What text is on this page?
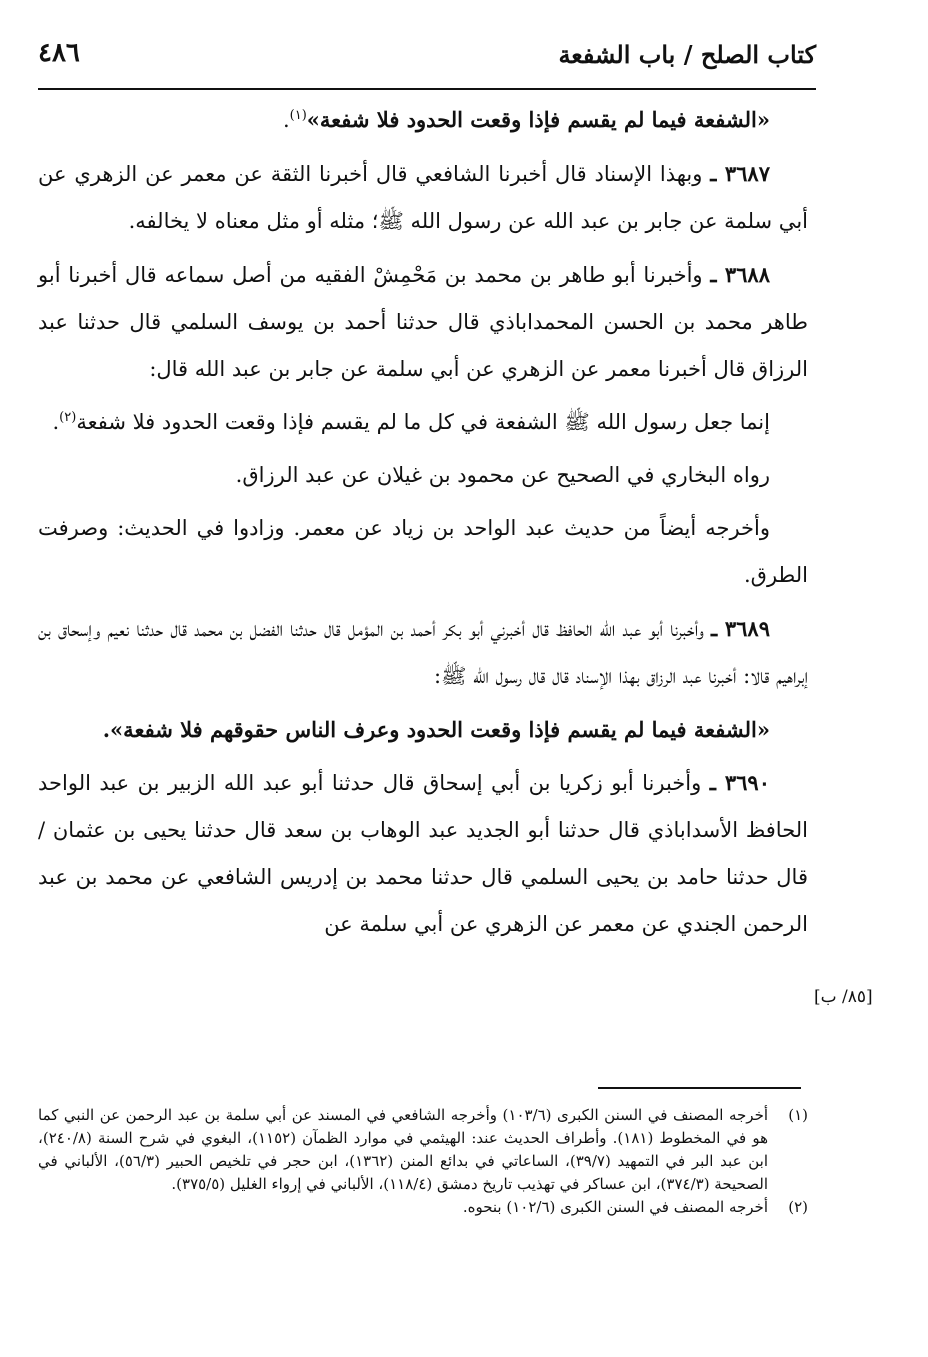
كتاب الصلح / باب الشفعة
٤٨٦

«الشفعة فيما لم يقسم فإذا وقعت الحدود فلا شفعة»$^{(١)}$.

٣٦٨٧ ـ وبهذا الإسناد قال أخبرنا الشافعي قال أخبرنا الثقة عن معمر عن الزهري عن أبي سلمة عن جابر بن عبد الله عن رسول الله ﷺ؛ مثله أو مثل معناه لا يخالفه.

٣٦٨٨ ـ وأخبرنا أبو طاهر بن محمد بن مَحْمِشْ الفقيه من أصل سماعه قال أخبرنا أبو طاهر محمد بن الحسن المحمداباذي قال حدثنا أحمد بن يوسف السلمي قال حدثنا عبد الرزاق قال أخبرنا معمر عن الزهري عن أبي سلمة عن جابر بن عبد الله قال:

إنما جعل رسول الله ﷺ الشفعة في كل ما لم يقسم فإذا وقعت الحدود فلا شفعة$^{(٢)}$.

رواه البخاري في الصحيح عن محمود بن غيلان عن عبد الرزاق.

وأخرجه أيضاً من حديث عبد الواحد بن زياد عن معمر. وزادوا في الحديث: وصرفت الطرق.

٣٦٨٩ ـ وأخبرنا أبو عبد الله الحافظ قال أخبرني أبو بكر أحمد بن المؤمل قال حدثنا الفضل بن محمد قال حدثنا نعيم وإسحاق بن إبراهيم قالا: أخبرنا عبد الرزاق بهذا الإسناد قال قال رسول الله ﷺ:

«الشفعة فيما لم يقسم فإذا وقعت الحدود وعرف الناس حقوقهم فلا شفعة».

٣٦٩٠ ـ وأخبرنا أبو زكريا بن أبي إسحاق قال حدثنا أبو عبد الله الزبير بن عبد الواحد الحافظ الأسداباذي قال حدثنا أبو الجديد عبد الوهاب بن سعد قال حدثنا يحيى بن عثمان /قال حدثنا حامد بن يحيى السلمي قال حدثنا محمد بن إدريس الشافعي عن محمد بن عبد الرحمن الجندي عن معمر عن الزهري عن أبي سلمة عن

[٨٥/ ب]
(١)
أخرجه المصنف في السنن الكبرى (١٠٣/٦) وأخرجه الشافعي في المسند عن أبي سلمة بن عبد الرحمن عن النبي كما هو في المخطوط (١٨١). وأطراف الحديث عند: الهيثمي في موارد الظمآن (١١٥٢)، البغوي في شرح السنة (٢٤٠/٨)، ابن عبد البر في التمهيد (٣٩/٧)، الساعاتي في بدائع المنن (١٣٦٢)، ابن حجر في تلخيص الحبير (٥٦/٣)، الألباني في الصحيحة (٣٧٤/٣)، ابن عساكر في تهذيب تاريخ دمشق (١١٨/٤)، الألباني في إرواء الغليل (٣٧٥/٥).
(٢)
أخرجه المصنف في السنن الكبرى (١٠٢/٦) بنحوه.
